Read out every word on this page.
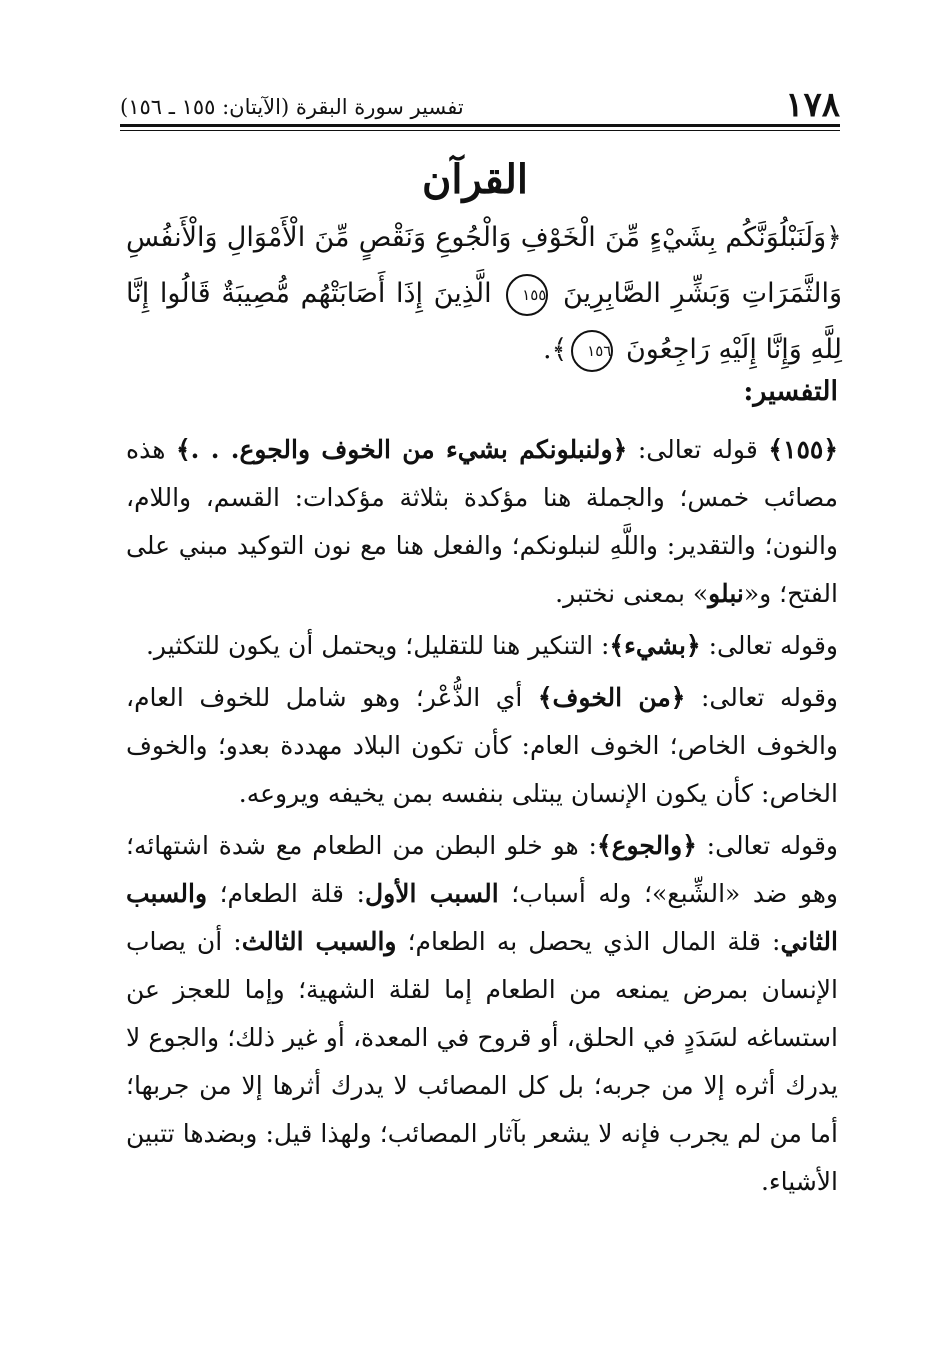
١٧٨
تفسير سورة البقرة (الآيتان: ١٥٥ ـ ١٥٦)
القرآن
﴿وَلَنَبْلُوَنَّكُم بِشَيْءٍ مِّنَ الْخَوْفِ وَالْجُوعِ وَنَقْصٍ مِّنَ الْأَمْوَالِ وَالْأَنفُسِ وَالثَّمَرَاتِ وَبَشِّرِ الصَّابِرِينَ ١٥٥ الَّذِينَ إِذَا أَصَابَتْهُم مُّصِيبَةٌ قَالُوا إِنَّا لِلَّهِ وَإِنَّا إِلَيْهِ رَاجِعُونَ ١٥٦﴾.
التفسير:

﴿١٥٥﴾ قوله تعالى: ﴿ولنبلونكم بشيء من الخوف والجوع. . .﴾ هذه مصائب خمس؛ والجملة هنا مؤكدة بثلاثة مؤكدات: القسم، واللام، والنون؛ والتقدير: واللَّهِ لنبلونكم؛ والفعل هنا مع نون التوكيد مبني على الفتح؛ و«نبلو» بمعنى نختبر.

وقوله تعالى: ﴿بشيء﴾: التنكير هنا للتقليل؛ ويحتمل أن يكون للتكثير.

وقوله تعالى: ﴿من الخوف﴾ أي الذُّعْر؛ وهو شامل للخوف العام، والخوف الخاص؛ الخوف العام: كأن تكون البلاد مهددة بعدو؛ والخوف الخاص: كأن يكون الإنسان يبتلى بنفسه بمن يخيفه ويروعه.

وقوله تعالى: ﴿والجوع﴾: هو خلو البطن من الطعام مع شدة اشتهائه؛ وهو ضد «الشِّبع»؛ وله أسباب؛ السبب الأول: قلة الطعام؛ والسبب الثاني: قلة المال الذي يحصل به الطعام؛ والسبب الثالث: أن يصاب الإنسان بمرض يمنعه من الطعام إما لقلة الشهية؛ وإما للعجز عن استساغه لسَدَدٍ في الحلق، أو قروح في المعدة، أو غير ذلك؛ والجوع لا يدرك أثره إلا من جربه؛ بل كل المصائب لا يدرك أثرها إلا من جربها؛ أما من لم يجرب فإنه لا يشعر بآثار المصائب؛ ولهذا قيل: وبضدها تتبين الأشياء.
